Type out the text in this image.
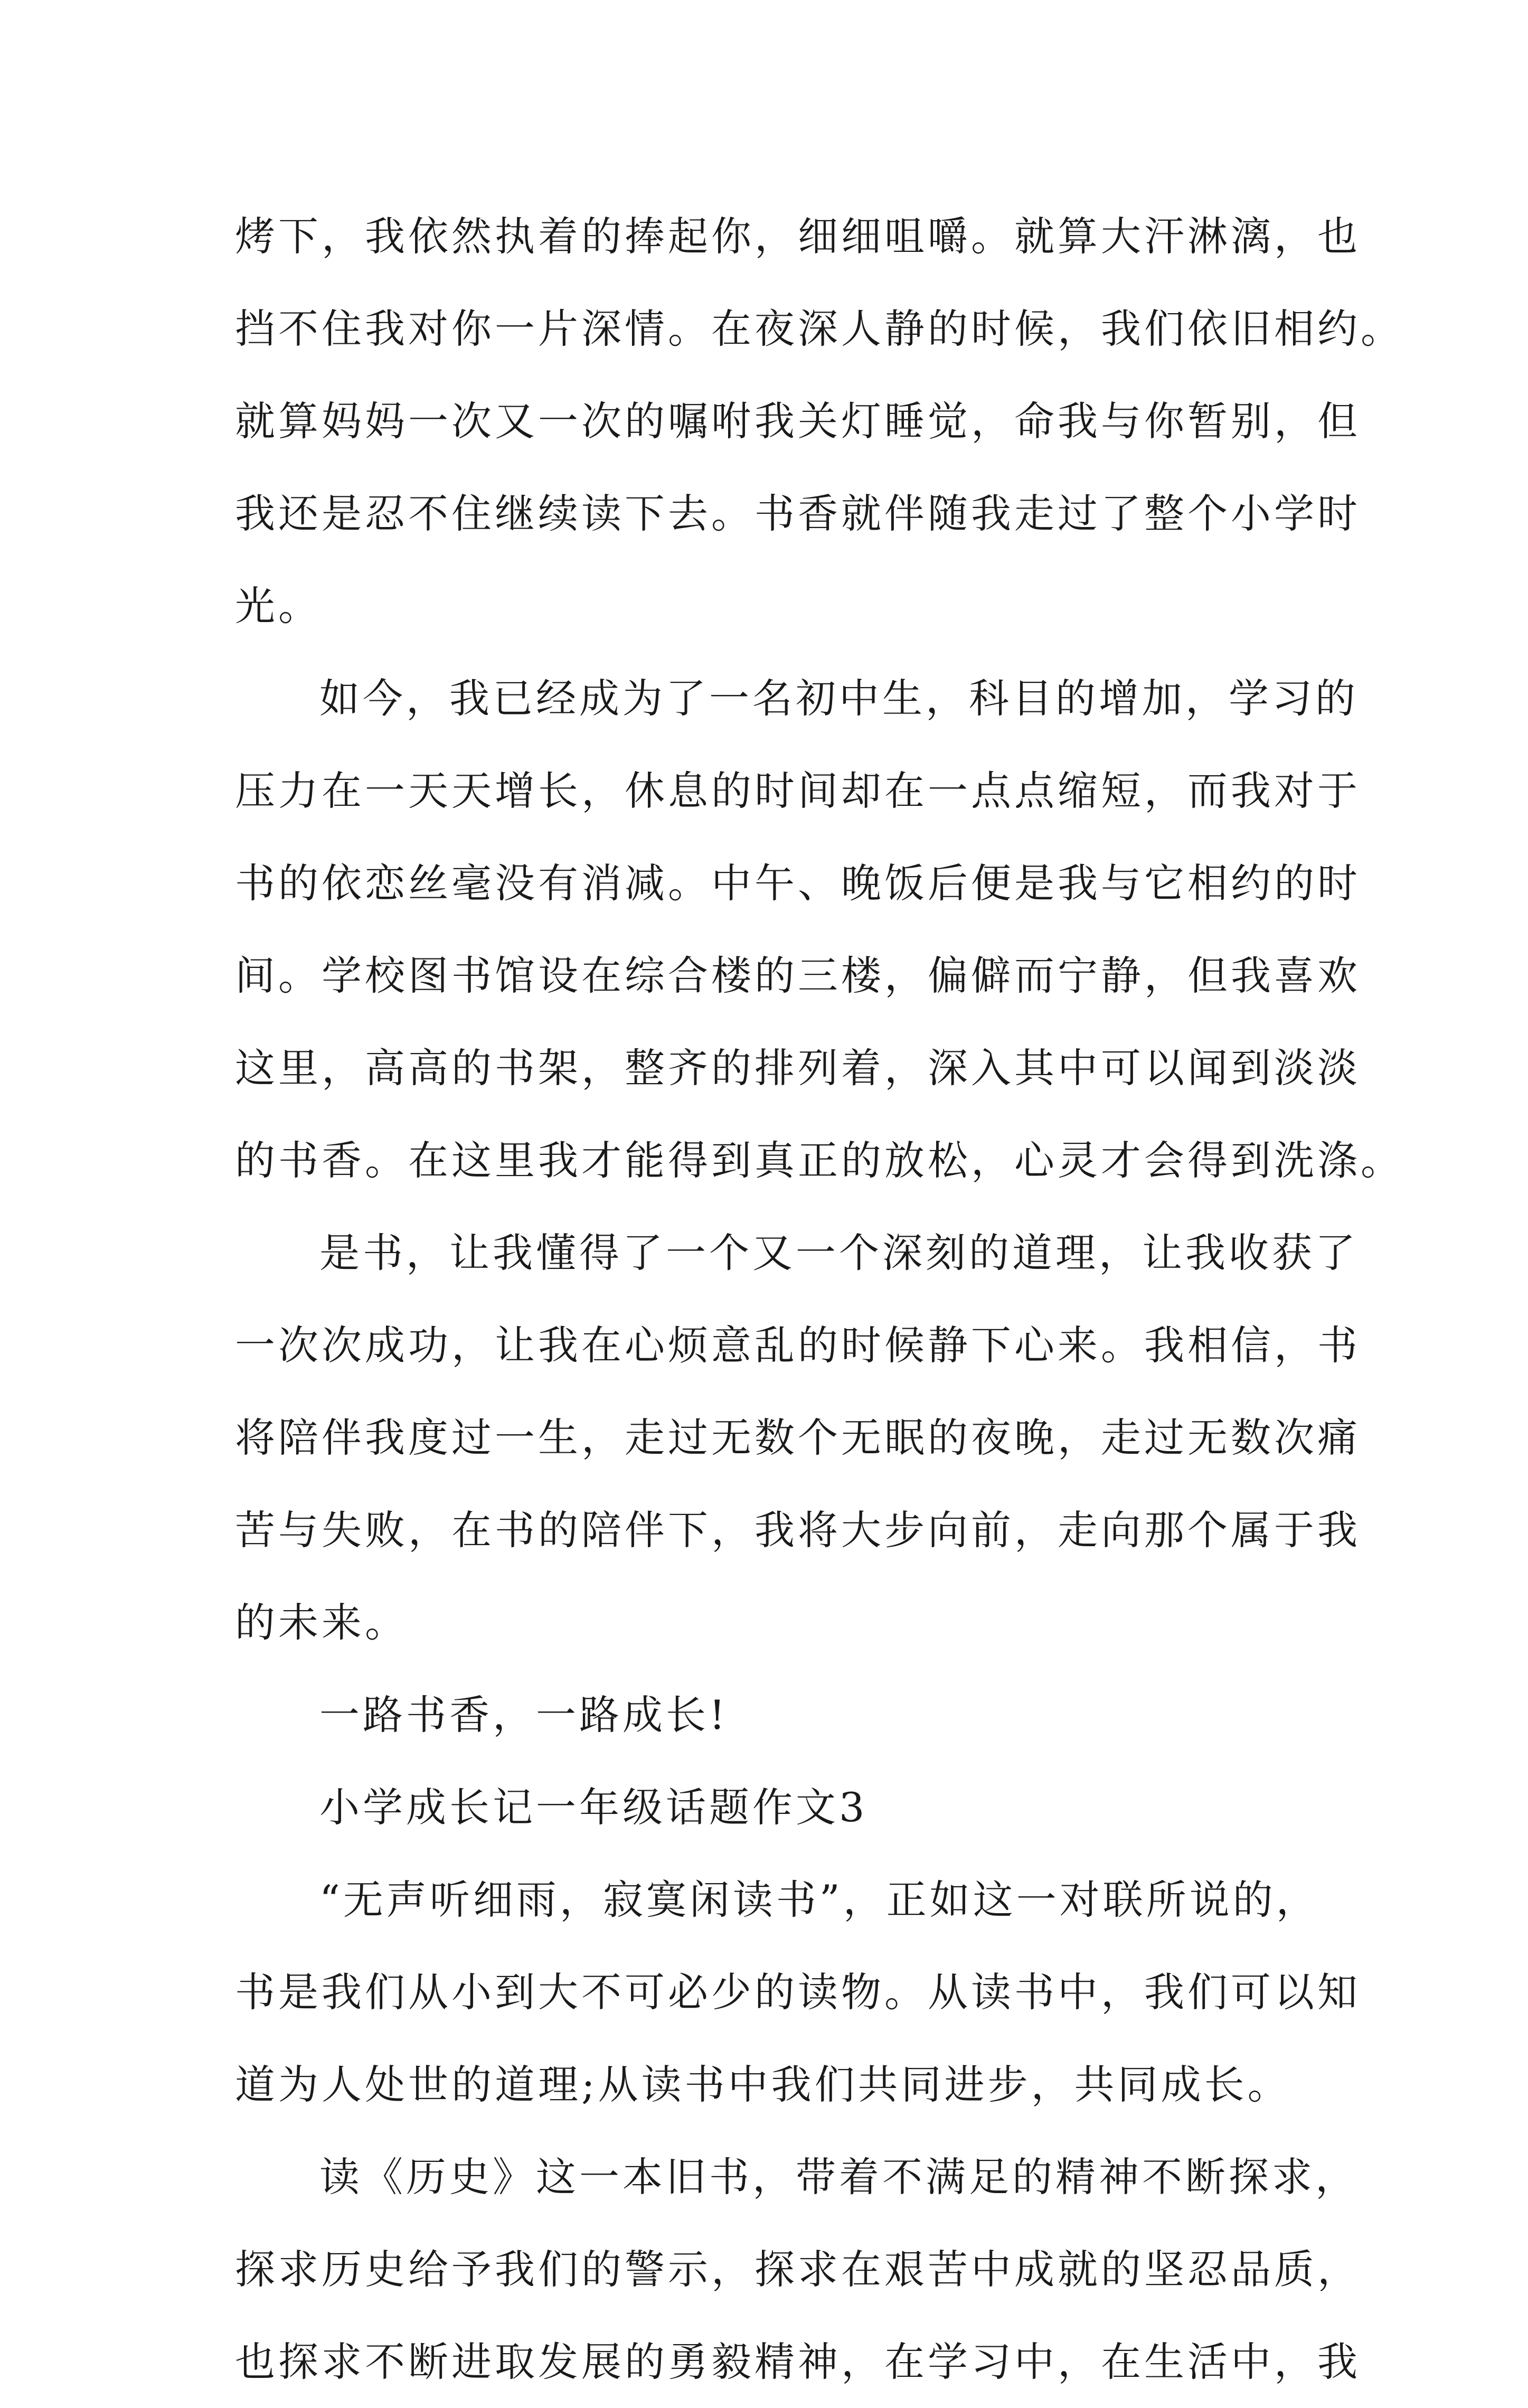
烤下，我依然执着的捧起你，细细咀嚼。就算大汗淋漓，也
挡不住我对你一片深情。在夜深人静的时候，我们依旧相约。
就算妈妈一次又一次的嘱咐我关灯睡觉，命我与你暂别，但
我还是忍不住继续读下去。书香就伴随我走过了整个小学时
光。
如今，我已经成为了一名初中生，科目的增加，学习的
压力在一天天增长，休息的时间却在一点点缩短，而我对于
书的依恋丝毫没有消减。中午、晚饭后便是我与它相约的时
间。学校图书馆设在综合楼的三楼，偏僻而宁静，但我喜欢
这里，高高的书架，整齐的排列着，深入其中可以闻到淡淡
的书香。在这里我才能得到真正的放松，心灵才会得到洗涤。
是书，让我懂得了一个又一个深刻的道理，让我收获了
一次次成功，让我在心烦意乱的时候静下心来。我相信，书
将陪伴我度过一生，走过无数个无眠的夜晚，走过无数次痛
苦与失败，在书的陪伴下，我将大步向前，走向那个属于我
的未来。
一路书香，一路成长!
小学成长记一年级话题作文3
“无声听细雨，寂寞闲读书”，正如这一对联所说的，
书是我们从小到大不可必少的读物。从读书中，我们可以知
道为人处世的道理;从读书中我们共同进步，共同成长。
读《历史》这一本旧书，带着不满足的精神不断探求，
探求历史给予我们的警示，探求在艰苦中成就的坚忍品质，
也探求不断进取发展的勇毅精神，在学习中，在生活中，我
